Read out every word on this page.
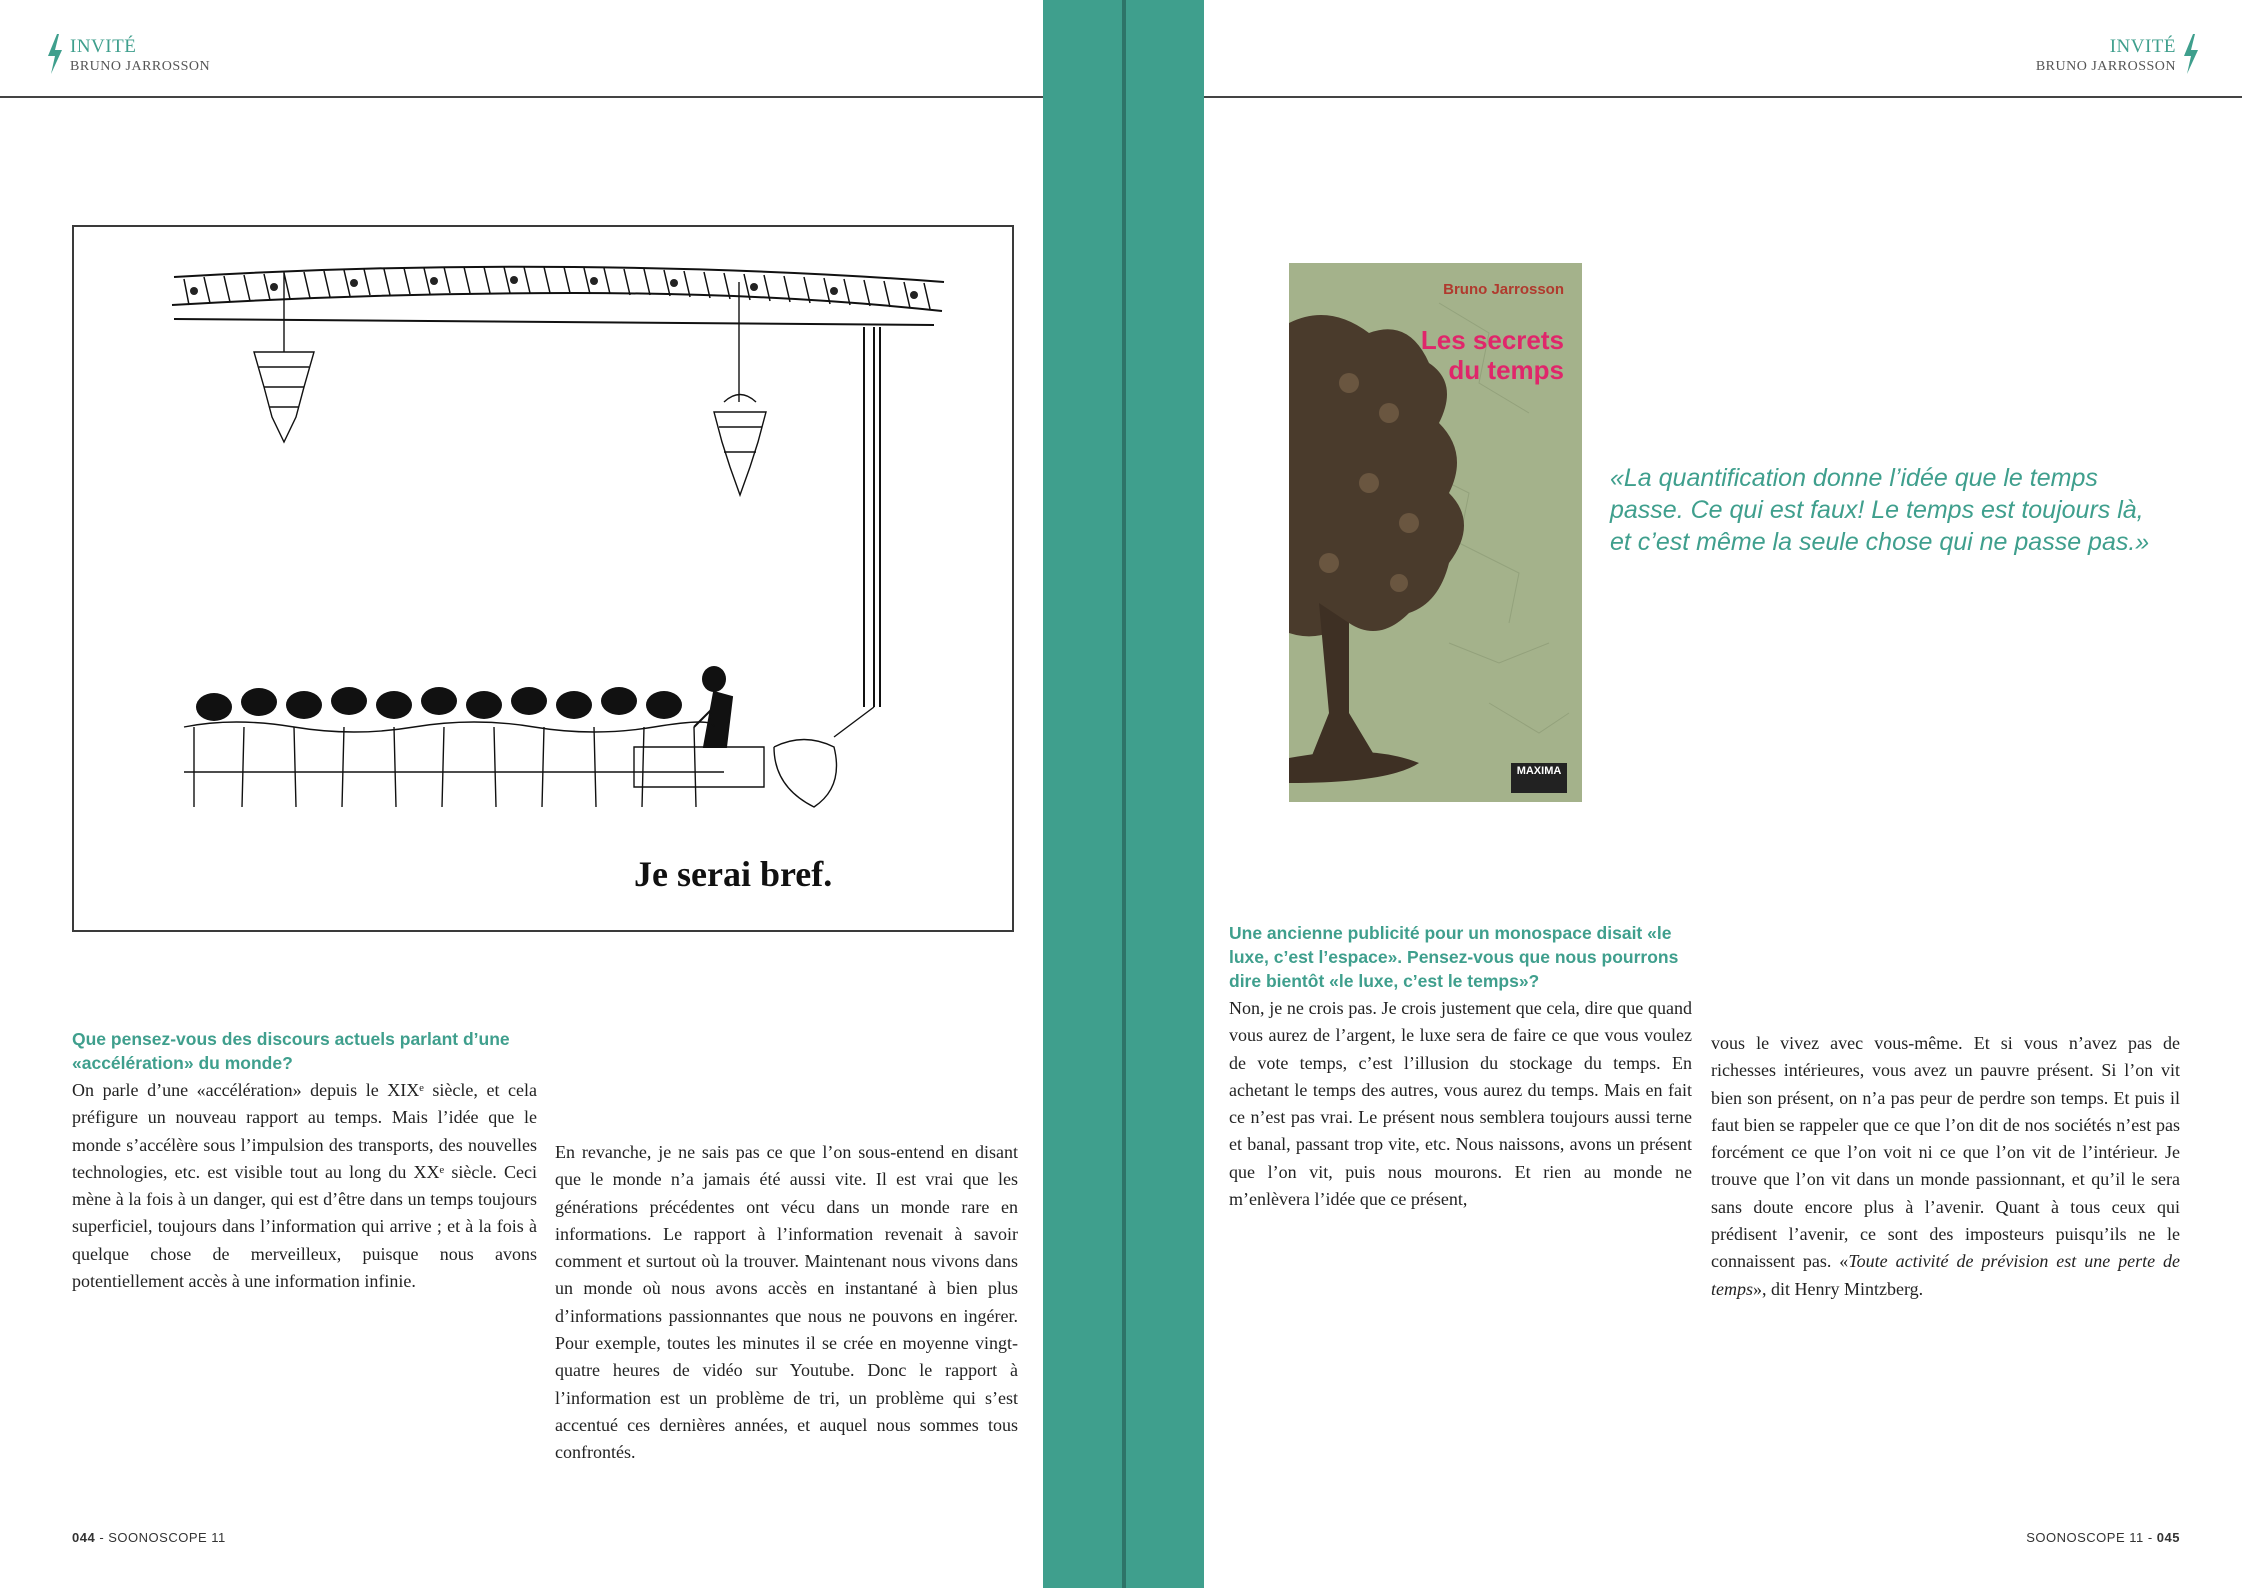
INVITÉ
BRUNO JARROSSON
Je serai bref.
Que pensez-vous des discours actuels parlant d’une «accélération» du monde?
On parle d’une «accélération» depuis le XIXᵉ siècle, et cela préfigure un nouveau rapport au temps. Mais l’idée que le monde s’accélère sous l’impulsion des transports, des nouvelles technologies, etc. est visible tout au long du XXᵉ siècle. Ceci mène à la fois à un danger, qui est d’être dans un temps toujours superficiel, toujours dans l’information qui arrive ; et à la fois à quelque chose de merveilleux, puisque nous avons potentiellement accès à une information infinie.
En revanche, je ne sais pas ce que l’on sous-entend en disant que le monde n’a jamais été aussi vite. Il est vrai que les générations précédentes ont vécu dans un monde rare en informations. Le rapport à l’information revenait à savoir comment et surtout où la trouver. Maintenant nous vivons dans un monde où nous avons accès en instantané à bien plus d’informations passionnantes que nous ne pouvons en ingérer. Pour exemple, toutes les minutes il se crée en moyenne vingt-quatre heures de vidéo sur Youtube. Donc le rapport à l’information est un problème de tri, un problème qui s’est accentué ces dernières années, et auquel nous sommes tous confrontés.
044 - SOONOSCOPE 11
INVITÉ
BRUNO JARROSSON
«La quantification donne l’idée que le temps passe. Ce qui est faux! Le temps est toujours là, et c’est même la seule chose qui ne passe pas.»
Une ancienne publicité pour un monospace disait «le luxe, c’est l’espace». Pensez-vous que nous pourrons dire bientôt «le luxe, c’est le temps»?
Non, je ne crois pas. Je crois justement que cela, dire que quand vous aurez de l’argent, le luxe sera de faire ce que vous voulez de vote temps, c’est l’illusion du stockage du temps. En achetant le temps des autres, vous aurez du temps. Mais en fait ce n’est pas vrai. Le présent nous semblera toujours aussi terne et banal, passant trop vite, etc. Nous naissons, avons un présent que l’on vit, puis nous mourons. Et rien au monde ne m’enlèvera l’idée que ce présent,
vous le vivez avec vous-même. Et si vous n’avez pas de richesses intérieures, vous avez un pauvre présent. Si l’on vit bien son présent, on n’a pas peur de perdre son temps. Et puis il faut bien se rappeler que ce que l’on dit de nos sociétés n’est pas forcément ce que l’on voit ni ce que l’on vit de l’intérieur. Je trouve que l’on vit dans un monde passionnant, et qu’il le sera sans doute encore plus à l’avenir. Quant à tous ceux qui prédisent l’avenir, ce sont des imposteurs puisqu’ils ne le connaissent pas. «Toute activité de prévision est une perte de temps», dit Henry Mintzberg.
SOONOSCOPE 11 - 045
Bruno Jarrosson
Les secrets
du temps
MAXIMA
